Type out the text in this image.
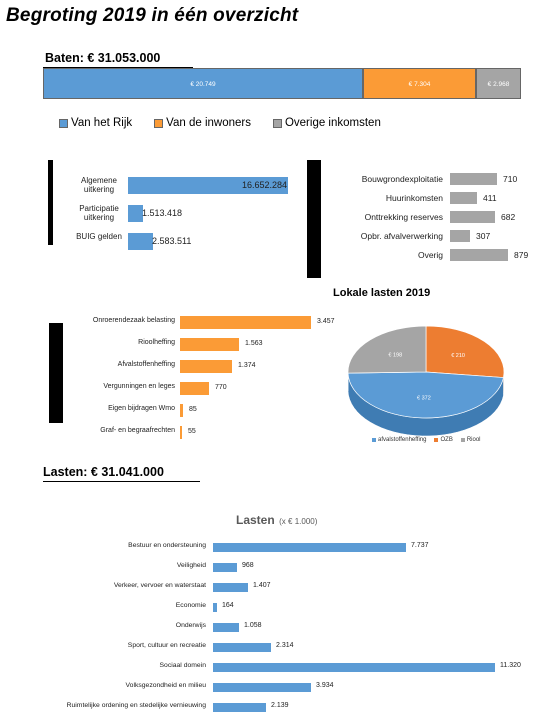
Begroting 2019 in één overzicht
Baten: € 31.053.000
€ 20.749	€ 7.304	€ 2.968
Van het Rijk	Van de inwoners	Overige inkomsten
Algemene uitkering	16.652.284
Participatie uitkering	1.513.418
BUIG gelden	2.583.511
Bouwgrondexploitatie	710
Huurinkomsten	411
Onttrekking reserves	682
Opbr. afvalverwerking	307
Overig	879
Onroerendezaak belasting	3.457
Rioolheffing	1.563
Afvalstoffenheffing	1.374
Vergunningen en leges	770
Eigen bijdragen Wmo 85
Graf- en begraafrechten 55
Lokale lasten 2019
€ 210
€ 372
€ 198
afvalstoffenheffing OZB Riool
Lasten: € 31.041.000
Lasten (x € 1.000)
Bestuur en ondersteuning	7.737
Veiligheid	968
Verkeer, vervoer en waterstaat	1.407
Economie 164
Onderwijs	1.058
Sport, cultuur en recreatie	2.314
Sociaal domein	11.320
Volksgezondheid en milieu	3.934
Ruimtelijke ordening en stedelijke vernieuwing	2.139
